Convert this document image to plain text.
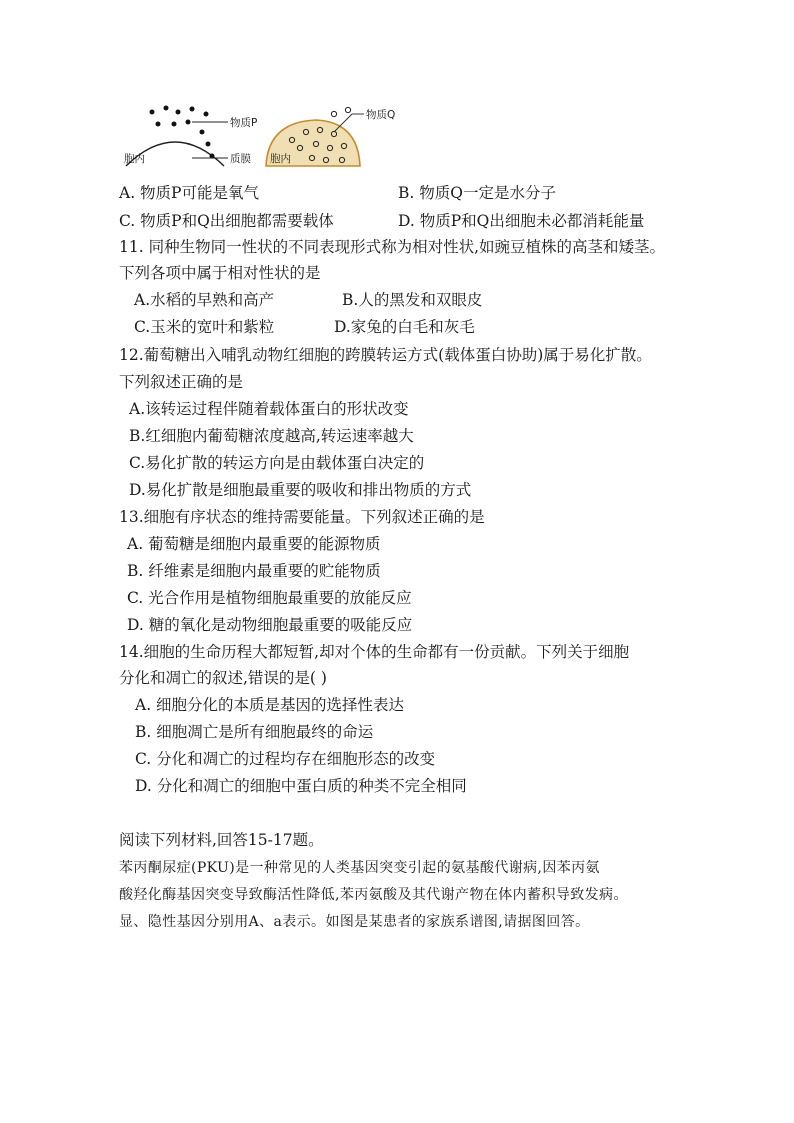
物质P
质膜
胞内
物质Q
胞内
A. 物质P可能是氧气	B. 物质Q一定是水分子
C. 物质P和Q出细胞都需要载体	D. 物质P和Q出细胞未必都消耗能量
11. 同种生物同一性状的不同表现形式称为相对性状,如豌豆植株的高茎和矮茎。
下列各项中属于相对性状的是
A.水稻的早熟和高产	B.人的黑发和双眼皮
C.玉米的宽叶和紫粒	D.家兔的白毛和灰毛
12.葡萄糖出入哺乳动物红细胞的跨膜转运方式(载体蛋白协助)属于易化扩散。
下列叙述正确的是
A.该转运过程伴随着载体蛋白的形状改变
B.红细胞内葡萄糖浓度越高,转运速率越大
C.易化扩散的转运方向是由载体蛋白决定的
D.易化扩散是细胞最重要的吸收和排出物质的方式
13.细胞有序状态的维持需要能量。下列叙述正确的是
A. 葡萄糖是细胞内最重要的能源物质
B. 纤维素是细胞内最重要的贮能物质
C. 光合作用是植物细胞最重要的放能反应
D. 糖的氧化是动物细胞最重要的吸能反应
14.细胞的生命历程大都短暂,却对个体的生命都有一份贡献。下列关于细胞
分化和凋亡的叙述,错误的是( )
A. 细胞分化的本质是基因的选择性表达
B. 细胞凋亡是所有细胞最终的命运
C. 分化和凋亡的过程均存在细胞形态的改变
D. 分化和凋亡的细胞中蛋白质的种类不完全相同
阅读下列材料,回答15-17题。
苯丙酮尿症(PKU)是一种常见的人类基因突变引起的氨基酸代谢病,因苯丙氨
酸羟化酶基因突变导致酶活性降低,苯丙氨酸及其代谢产物在体内蓄积导致发病。
显、隐性基因分别用A、a表示。如图是某患者的家族系谱图,请据图回答。
